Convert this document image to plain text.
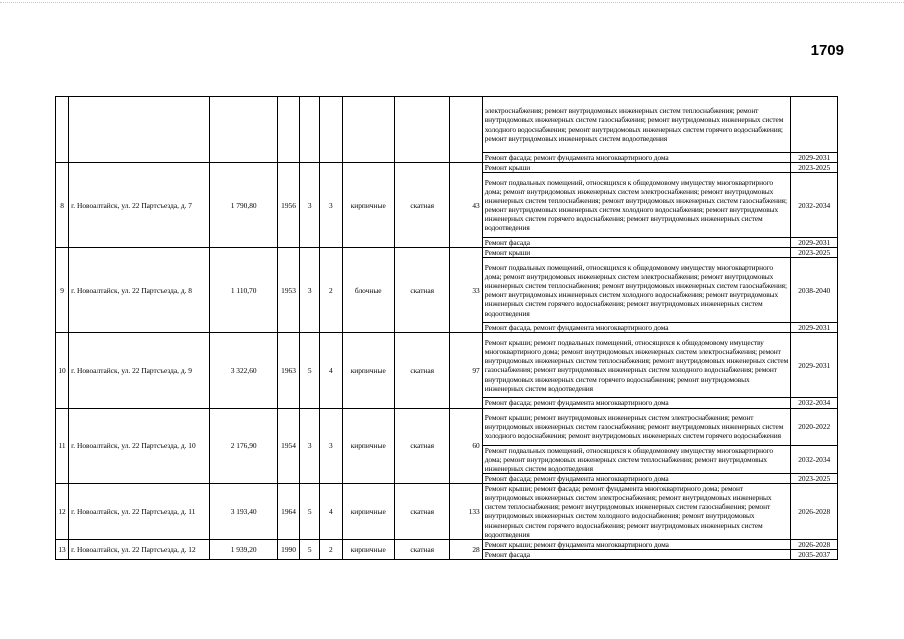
1709
									электроснабжения; ремонт внутридомовых инженерных систем теплоснабжения; ремонт внутридомовых инженерных систем газоснабжения; ремонт внутридомовых инженерных систем холодного водоснабжения; ремонт внутридомовых инженерных систем горячего водоснабжения; ремонт внутридомовых инженерных систем водоотведения	
									Ремонт фасада; ремонт фундамента многоквартирного дома	2029-2031
8	г. Новоалтайск, ул. 22 Партсъезда, д. 7	1 790,80	1956	3	3	кирпичные	скатная	43	Ремонт крыши	2023-2025
									Ремонт подвальных помещений, относящихся к общедомовому имуществу многоквартирного дома; ремонт внутридомовых инженерных систем электроснабжения; ремонт внутридомовых инженерных систем теплоснабжения; ремонт внутридомовых инженерных систем газоснабжения; ремонт внутридомовых инженерных систем холодного водоснабжения; ремонт внутридомовых инженерных систем горячего водоснабжения; ремонт внутридомовых инженерных систем водоотведения	2032-2034
									Ремонт фасада	2029-2031
9	г. Новоалтайск, ул. 22 Партсъезда, д. 8	1 110,70	1953	3	2	блочные	скатная	33	Ремонт крыши	2023-2025
									Ремонт подвальных помещений, относящихся к общедомовому имуществу многоквартирного дома; ремонт внутридомовых инженерных систем электроснабжения; ремонт внутридомовых инженерных систем теплоснабжения; ремонт внутридомовых инженерных систем газоснабжения; ремонт внутридомовых инженерных систем холодного водоснабжения; ремонт внутридомовых инженерных систем горячего водоснабжения; ремонт внутридомовых инженерных систем водоотведения	2038-2040
									Ремонт фасада, ремонт фундамента многоквартирного дома	2029-2031
10	г. Новоалтайск, ул. 22 Партсъезда, д. 9	3 322,60	1963	5	4	кирпичные	скатная	97	Ремонт крыши; ремонт подвальных помещений, относящихся к общедомовому имуществу многоквартирного дома; ремонт внутридомовых инженерных систем электроснабжения; ремонт внутридомовых инженерных систем теплоснабжения; ремонт внутридомовых инженерных систем газоснабжения; ремонт внутридомовых инженерных систем холодного водоснабжения; ремонт внутридомовых инженерных систем горячего водоснабжения; ремонт внутридомовых инженерных систем водоотведения	2029-2031
									Ремонт фасада; ремонт фундамента многоквартирного дома	2032-2034
11	г. Новоалтайск, ул. 22 Партсъезда, д. 10	2 176,90	1954	3	3	кирпичные	скатная	60	Ремонт крыши; ремонт внутридомовых инженерных систем электроснабжения; ремонт внутридомовых инженерных систем газоснабжения; ремонт внутридомовых инженерных систем холодного водоснабжения; ремонт внутридомовых инженерных систем горячего водоснабжения	2020-2022
									Ремонт подвальных помещений, относящихся к общедомовому имуществу многоквартирного дома; ремонт внутридомовых инженерных систем теплоснабжения; ремонт внутридомовых инженерных систем водоотведения	2032-2034
									Ремонт фасада; ремонт фундамента многоквартирного дома	2023-2025
12	г. Новоалтайск, ул. 22 Партсъезда, д. 11	3 193,40	1964	5	4	кирпичные	скатная	133	Ремонт крыши; ремонт фасада; ремонт фундамента многоквартирного дома; ремонт внутридомовых инженерных систем электроснабжения; ремонт внутридомовых инженерных систем теплоснабжения; ремонт внутридомовых инженерных систем газоснабжения; ремонт внутридомовых инженерных систем холодного водоснабжения; ремонт внутридомовых инженерных систем горячего водоснабжения; ремонт внутридомовых инженерных систем водоотведения	2026-2028
13	г. Новоалтайск, ул. 22 Партсъезда, д. 12	1 939,20	1990	5	2	кирпичные	скатная	28	Ремонт крыши; ремонт фундамента многоквартирного дома	2026-2028
									Ремонт фасада	2035-2037
